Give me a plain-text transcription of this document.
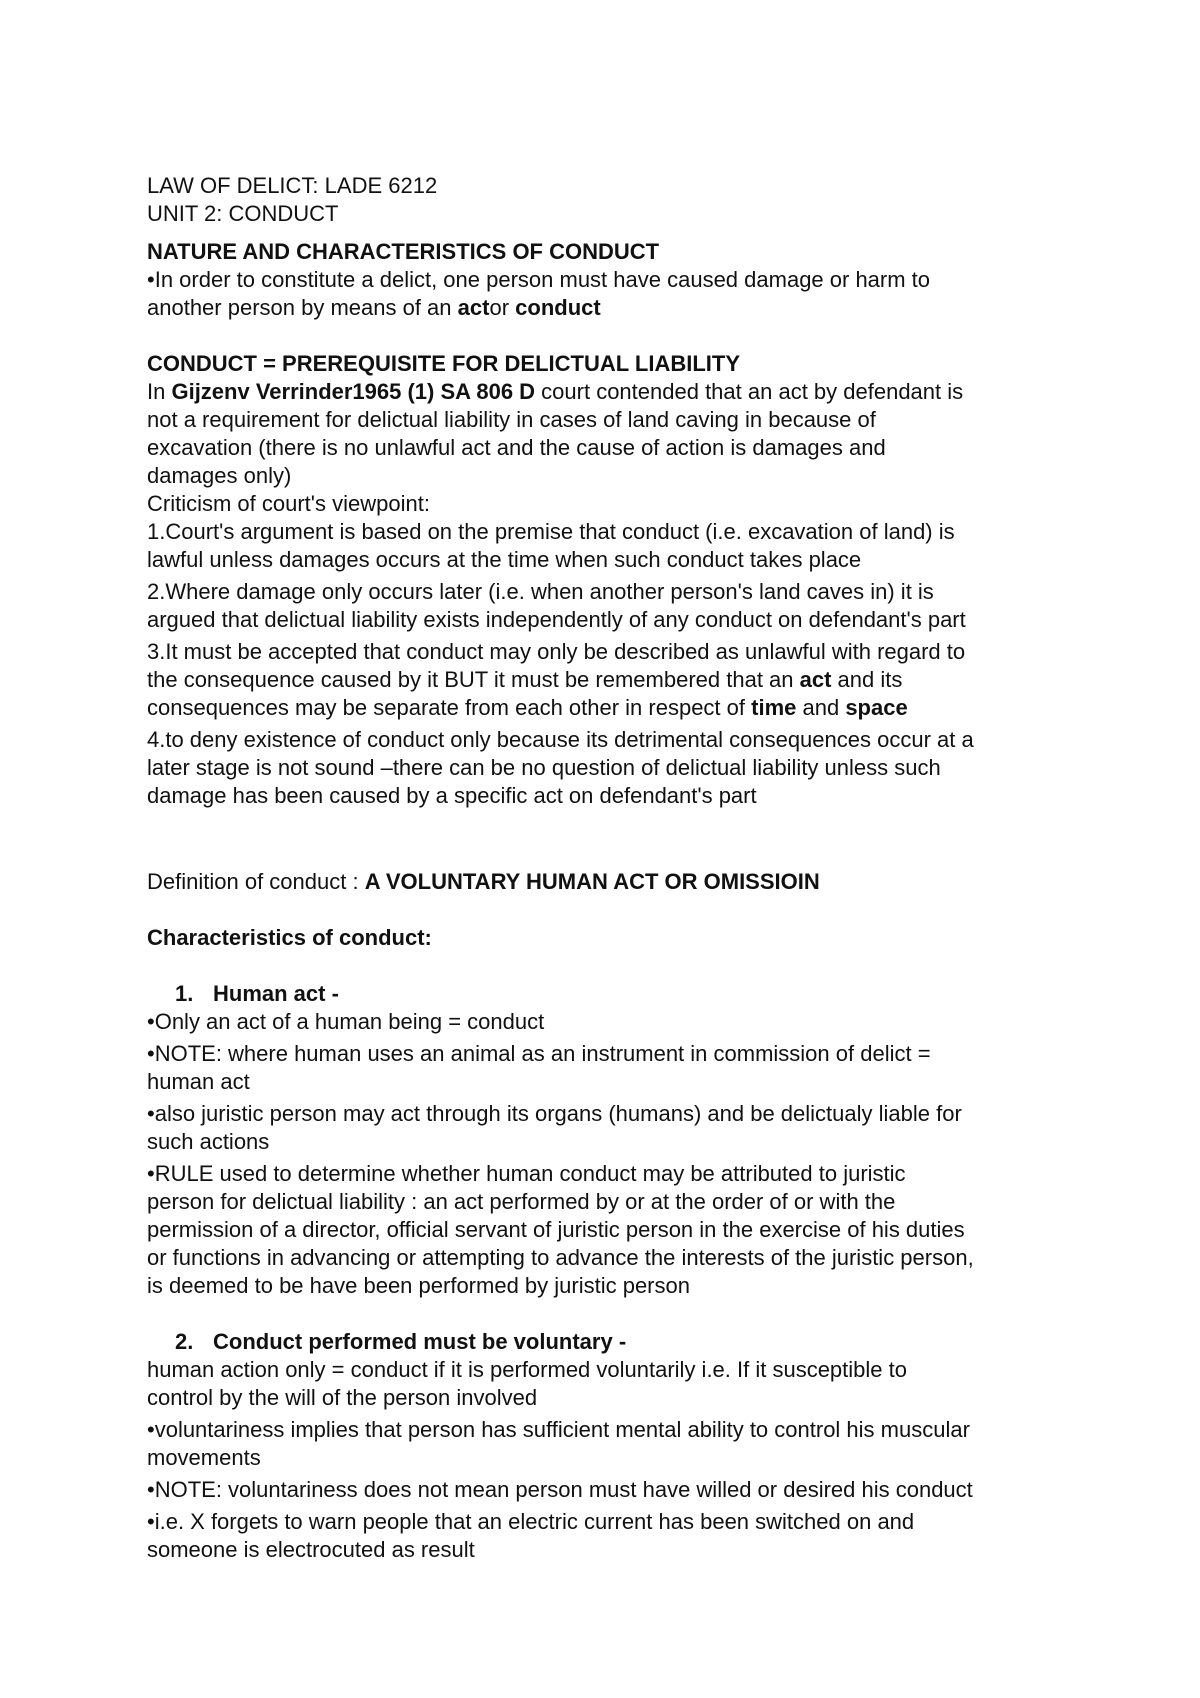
LAW OF DELICT: LADE 6212

UNIT 2: CONDUCT

NATURE AND CHARACTERISTICS OF CONDUCT

•In order to constitute a delict, one person must have caused damage or harm to

another person by means of an actor conduct

CONDUCT = PREREQUISITE FOR DELICTUAL LIABILITY

In Gijzenv Verrinder1965 (1) SA 806 D court contended that an act by defendant is

not a requirement for delictual liability in cases of land caving in because of

excavation (there is no unlawful act and the cause of action is damages and

damages only)

Criticism of court's viewpoint:

1.Court's argument is based on the premise that conduct (i.e. excavation of land) is

lawful unless damages occurs at the time when such conduct takes place

2.Where damage only occurs later (i.e. when another person's land caves in) it is

argued that delictual liability exists independently of any conduct on defendant's part

3.It must be accepted that conduct may only be described as unlawful with regard to

the consequence caused by it BUT it must be remembered that an act and its

consequences may be separate from each other in respect of time and space

4.to deny existence of conduct only because its detrimental consequences occur at a

later stage is not sound –there can be no question of delictual liability unless such

damage has been caused by a specific act on defendant's part

Definition of conduct : A VOLUNTARY HUMAN ACT OR OMISSIOIN

Characteristics of conduct:

1. Human act -

•Only an act of a human being = conduct

•NOTE: where human uses an animal as an instrument in commission of delict =

human act

•also juristic person may act through its organs (humans) and be delictualy liable for

such actions

•RULE used to determine whether human conduct may be attributed to juristic

person for delictual liability : an act performed by or at the order of or with the

permission of a director, official servant of juristic person in the exercise of his duties

or functions in advancing or attempting to advance the interests of the juristic person,

is deemed to be have been performed by juristic person

2. Conduct performed must be voluntary -

human action only = conduct if it is performed voluntarily i.e. If it susceptible to

control by the will of the person involved

•voluntariness implies that person has sufficient mental ability to control his muscular

movements

•NOTE: voluntariness does not mean person must have willed or desired his conduct

•i.e. X forgets to warn people that an electric current has been switched on and

someone is electrocuted as result
